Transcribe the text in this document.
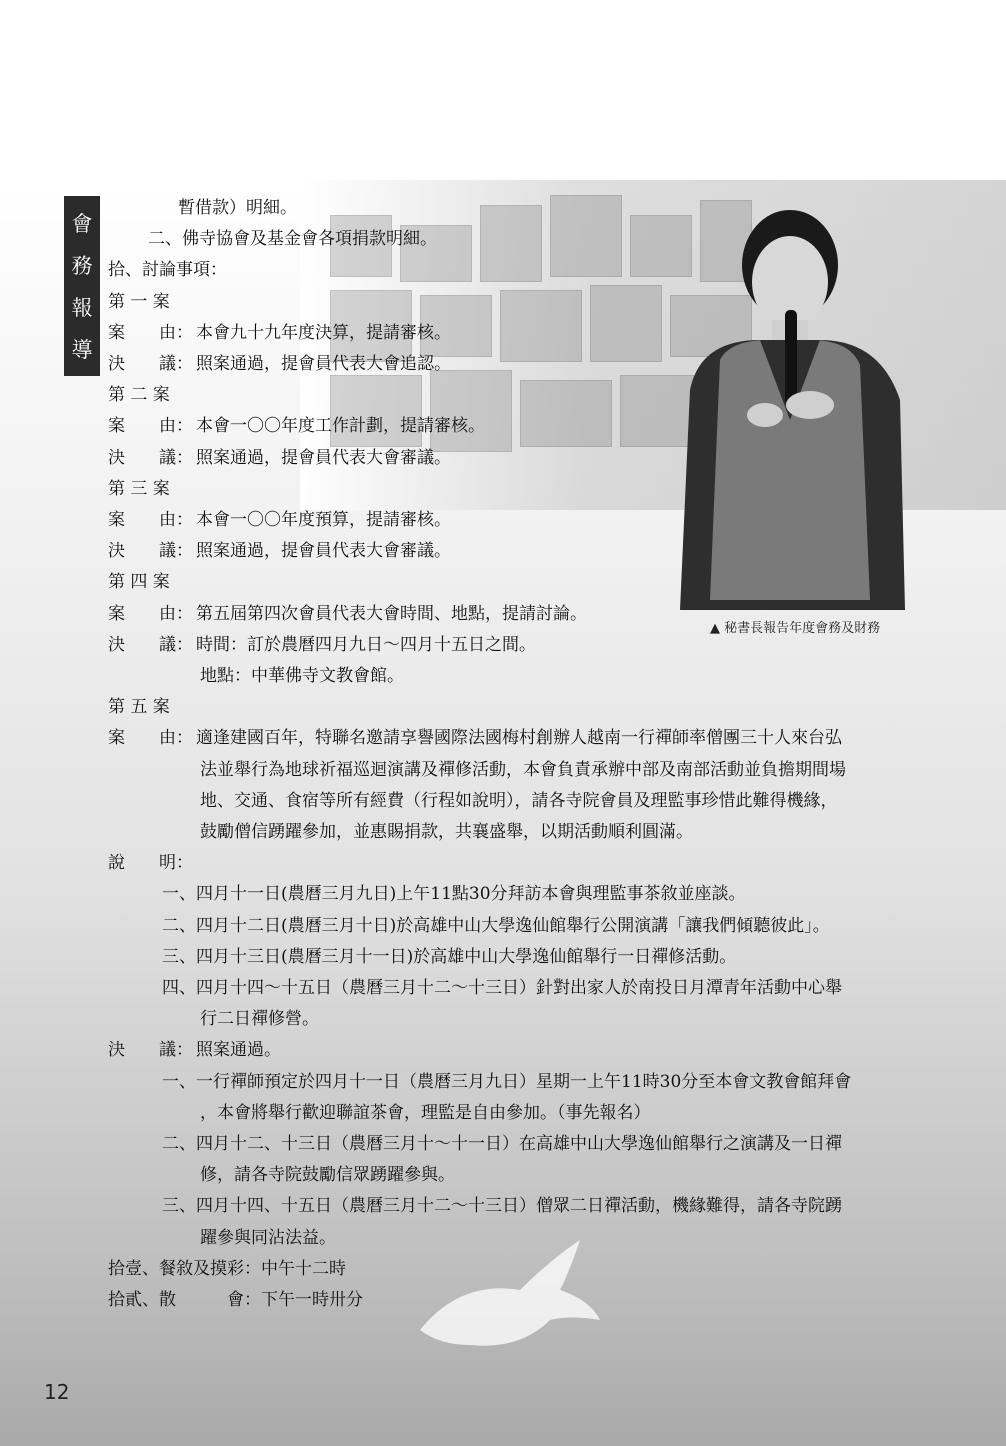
會
務
報
導
▲ 秘書長報告年度會務及財務
暫借款）明細。
二、佛寺協會及基金會各項捐款明細。
拾、討論事項：
第 一 案
案　　由： 本會九十九年度決算，提請審核。
決　　議： 照案通過，提會員代表大會追認。
第 二 案
案　　由： 本會一〇〇年度工作計劃，提請審核。
決　　議： 照案通過，提會員代表大會審議。
第 三 案
案　　由： 本會一〇〇年度預算，提請審核。
決　　議： 照案通過，提會員代表大會審議。
第 四 案
案　　由： 第五屆第四次會員代表大會時間、地點，提請討論。
決　　議： 時間：訂於農曆四月九日～四月十五日之間。
地點：中華佛寺文教會館。
第 五 案
案　　由： 適逢建國百年，特聯名邀請享譽國際法國梅村創辦人越南一行禪師率僧團三十人來台弘
法並舉行為地球祈福巡迴演講及禪修活動，本會負責承辦中部及南部活動並負擔期間場
地、交通、食宿等所有經費（行程如說明），請各寺院會員及理監事珍惜此難得機緣，
鼓勵僧信踴躍參加，並惠賜捐款，共襄盛舉，以期活動順利圓滿。
說　　明：
一、四月十一日(農曆三月九日)上午11點30分拜訪本會與理監事茶敘並座談。
二、四月十二日(農曆三月十日)於高雄中山大學逸仙館舉行公開演講「讓我們傾聽彼此」。
三、四月十三日(農曆三月十一日)於高雄中山大學逸仙館舉行一日禪修活動。
四、四月十四～十五日（農曆三月十二～十三日）針對出家人於南投日月潭青年活動中心舉
行二日禪修營。
決　　議： 照案通過。
一、一行禪師預定於四月十一日（農曆三月九日）星期一上午11時30分至本會文教會館拜會
，本會將舉行歡迎聯誼茶會，理監是自由參加。（事先報名）
二、四月十二、十三日（農曆三月十～十一日）在高雄中山大學逸仙館舉行之演講及一日禪
修，請各寺院鼓勵信眾踴躍參與。
三、四月十四、十五日（農曆三月十二～十三日）僧眾二日禪活動，機緣難得，請各寺院踴
躍參與同沾法益。
拾壹、餐敘及摸彩：中午十二時
拾貳、散　　　會：下午一時卅分
12
